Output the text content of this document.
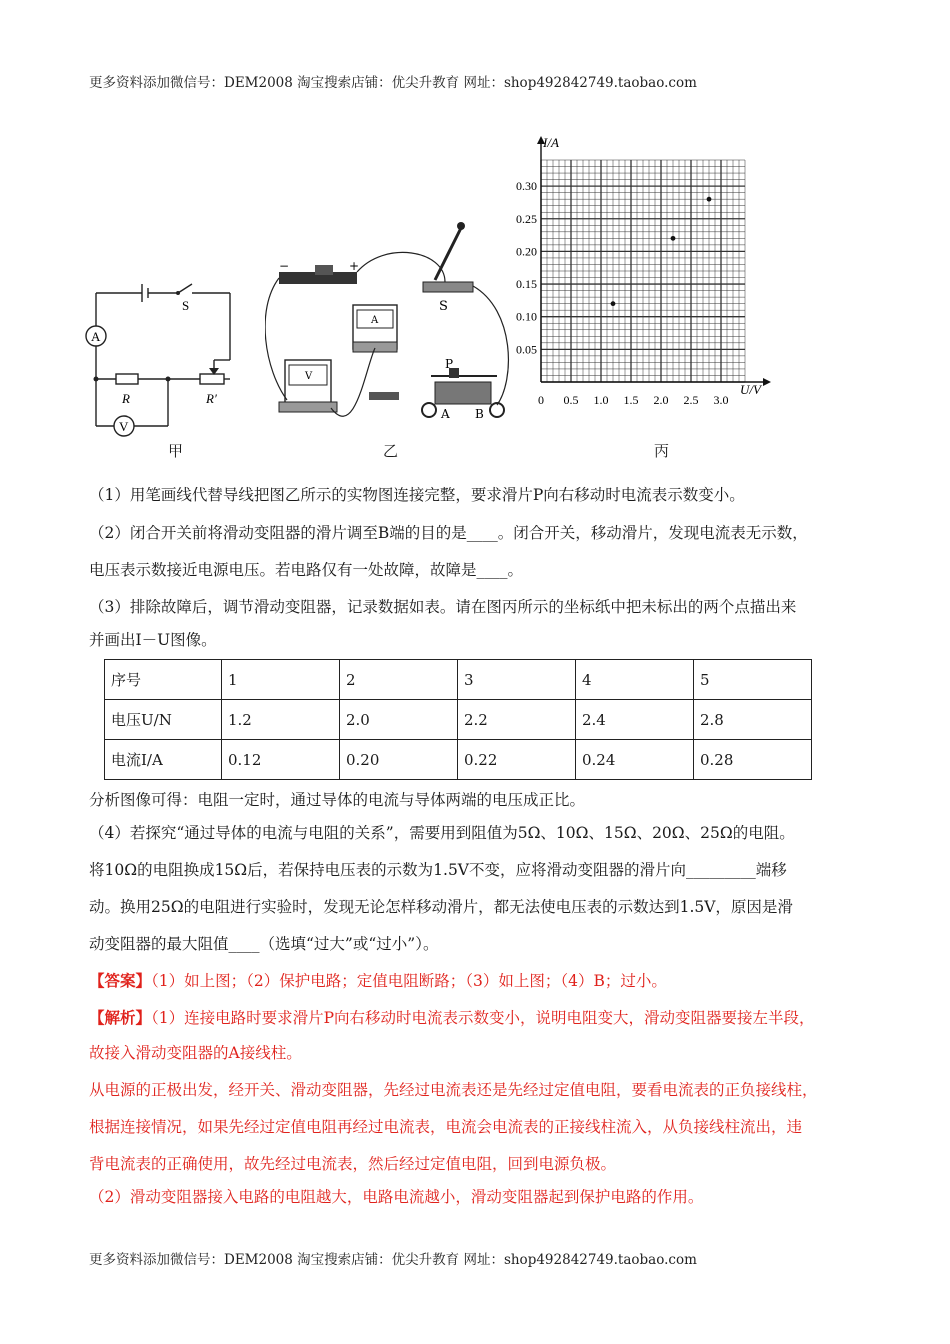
更多资料添加微信号：DEM2008 淘宝搜索店铺：优尖升教育 网址：shop492842749.taobao.com
A
V
S
R	R′
甲
−	+
S
A
V
P
A B
乙
0 0.5 1.0 1.5 2.0 2.5 3.0
0.05
0.10
0.15
0.20
0.25
0.30
I/A
U/V
丙
（1）用笔画线代替导线把图乙所示的实物图连接完整，要求滑片P向右移动时电流表示数变小。
（2）闭合开关前将滑动变阻器的滑片调至B端的目的是____。闭合开关，移动滑片，发现电流表无示数，
电压表示数接近电源电压。若电路仅有一处故障，故障是____。
（3）排除故障后，调节滑动变阻器，记录数据如表。请在图丙所示的坐标纸中把未标出的两个点描出来
并画出I－U图像。
序号	1	2	3	4	5
电压U/N	1.2	2.0	2.2	2.4	2.8
电流I/A	0.12	0.20	0.22	0.24	0.28
分析图像可得：电阻一定时，通过导体的电流与导体两端的电压成正比。
（4）若探究“通过导体的电流与电阻的关系”，需要用到阻值为5Ω、10Ω、15Ω、20Ω、25Ω的电阻。
将10Ω的电阻换成15Ω后，若保持电压表的示数为1.5V不变，应将滑动变阻器的滑片向_________端移
动。换用25Ω的电阻进行实验时，发现无论怎样移动滑片，都无法使电压表的示数达到1.5V，原因是滑
动变阻器的最大阻值____（选填“过大”或“过小”）。
【答案】（1）如上图；（2）保护电路；定值电阻断路；（3）如上图；（4）B；过小。
【解析】（1）连接电路时要求滑片P向右移动时电流表示数变小，说明电阻变大，滑动变阻器要接左半段，
故接入滑动变阻器的A接线柱。
从电源的正极出发，经开关、滑动变阻器，先经过电流表还是先经过定值电阻，要看电流表的正负接线柱，
根据连接情况，如果先经过定值电阻再经过电流表，电流会电流表的正接线柱流入，从负接线柱流出，违
背电流表的正确使用，故先经过电流表，然后经过定值电阻，回到电源负极。
（2）滑动变阻器接入电路的电阻越大，电路电流越小，滑动变阻器起到保护电路的作用。
更多资料添加微信号：DEM2008 淘宝搜索店铺：优尖升教育 网址：shop492842749.taobao.com
